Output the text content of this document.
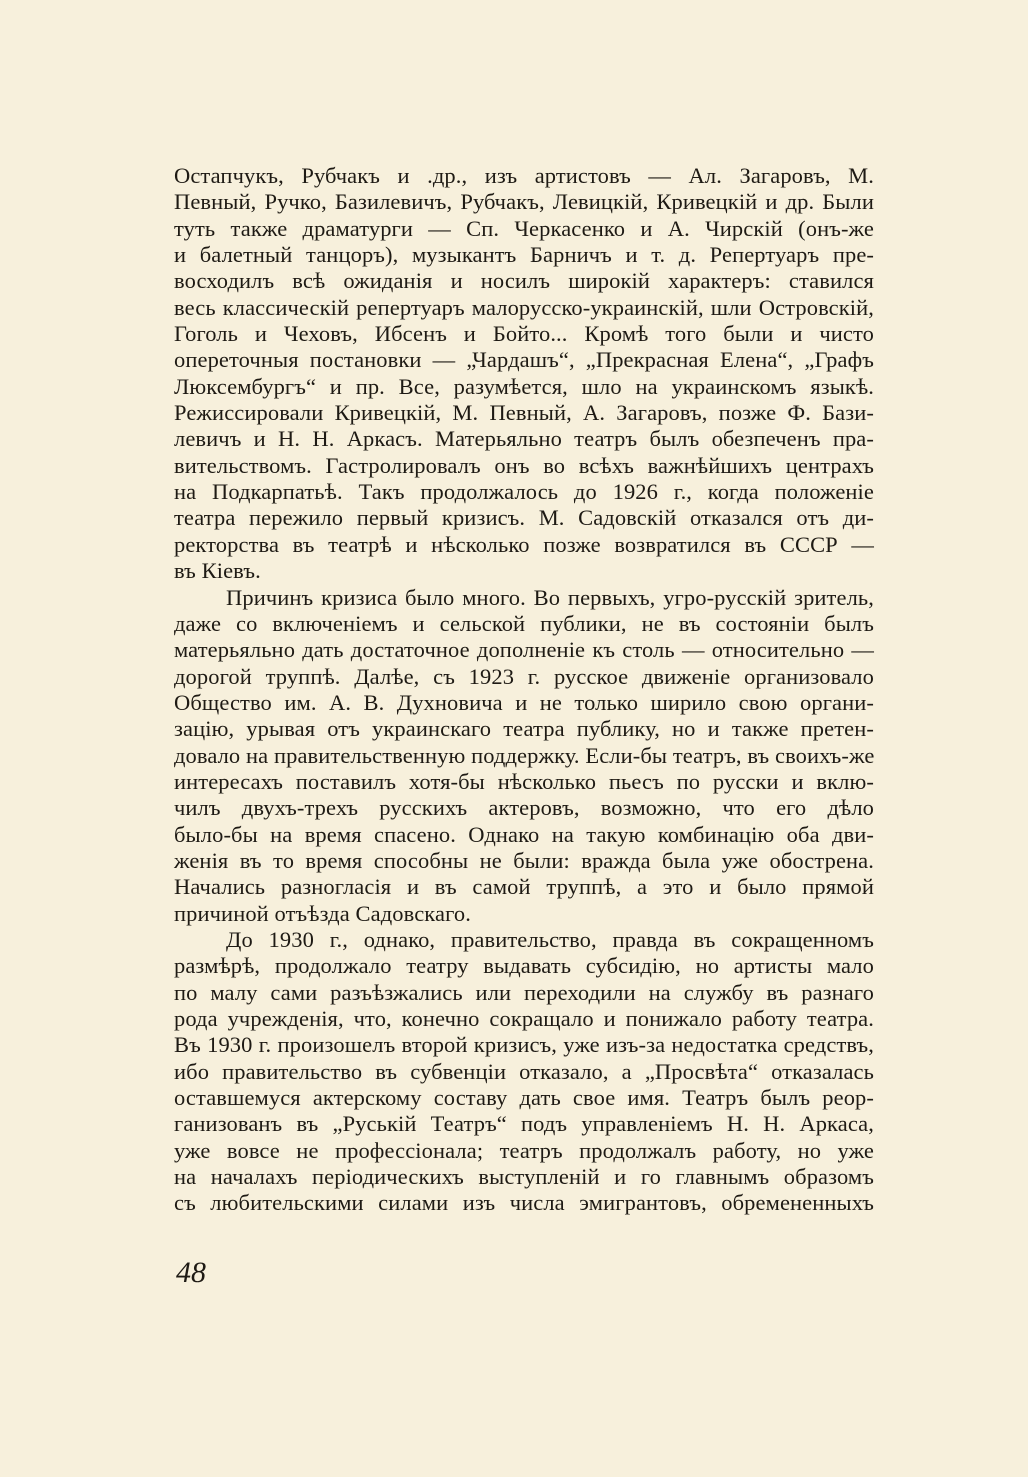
Остапчукъ, Рубчакъ и .др., изъ артистовъ — Ал. Загаровъ, М.
Певный, Ручко, Базилевичъ, Рубчакъ, Левицкій, Кривецкій и др. Были
туть также драматурги — Сп. Черкасенко и А. Чирскій (онъ-же
и балетный танцоръ), музыкантъ Барничъ и т. д. Репертуаръ пре-
восходилъ всѣ ожиданія и носилъ широкій характеръ: ставился
весь классическій репертуаръ малорусско-украинскій, шли Островскій,
Гоголь и Чеховъ, Ибсенъ и Бойто... Кромѣ того были и чисто
опереточныя постановки — „Чардашъ“, „Прекрасная Елена“, „Графъ
Люксембургъ“ и пр. Все, разумѣется, шло на украинскомъ языкѣ.
Режиссировали Кривецкій, М. Певный, А. Загаровъ, позже Ф. Бази-
левичъ и Н. Н. Аркасъ. Матерьяльно театръ былъ обезпеченъ пра-
вительствомъ. Гастролировалъ онъ во всѣхъ важнѣйшихъ центрахъ
на Подкарпатьѣ. Такъ продолжалось до 1926 г., когда положеніе
театра пережило первый кризисъ. М. Садовскій отказался отъ ди-
ректорства въ театрѣ и нѣсколько позже возвратился въ СССР —
въ Кіевъ.
Причинъ кризиса было много. Во первыхъ, угро-русскій зритель,
даже со включеніемъ и сельской публики, не въ состояніи былъ
матерьяльно дать достаточное дополненіе къ столь — относительно —
дорогой труппѣ. Далѣе, съ 1923 г. русское движеніе организовало
Общество им. А. В. Духновича и не только ширило свою органи-
зацію, урывая отъ украинскаго театра публику, но и также претен-
довало на правительственную поддержку. Если-бы театръ, въ своихъ-же
интересахъ поставилъ хотя-бы нѣсколько пьесъ по русски и вклю-
чилъ двухъ-трехъ русскихъ актеровъ, возможно, что его дѣло
было-бы на время спасено. Однако на такую комбинацію оба дви-
женія въ то время способны не были: вражда была уже обострена.
Начались разногласія и въ самой труппѣ, а это и было прямой
причиной отъѣзда Садовскаго.
До 1930 г., однако, правительство, правда въ сокращенномъ
размѣрѣ, продолжало театру выдавать субсидію, но артисты мало
по малу сами разъѣзжались или переходили на службу въ разнаго
рода учрежденія, что, конечно сокращало и понижало работу театра.
Въ 1930 г. произошелъ второй кризисъ, уже изъ-за недостатка средствъ,
ибо правительство въ субвенціи отказало, а „Просвѣта“ отказалась
оставшемуся актерскому составу дать свое имя. Театръ былъ реор-
ганизованъ въ „Руськiй Театръ“ подъ управленіемъ Н. Н. Аркаса,
уже вовсе не профессіонала; театръ продолжалъ работу, но уже
на началахъ періодическихъ выступленій и го главнымъ образомъ
съ любительскими силами изъ числа эмигрантовъ, обремененныхъ
48
